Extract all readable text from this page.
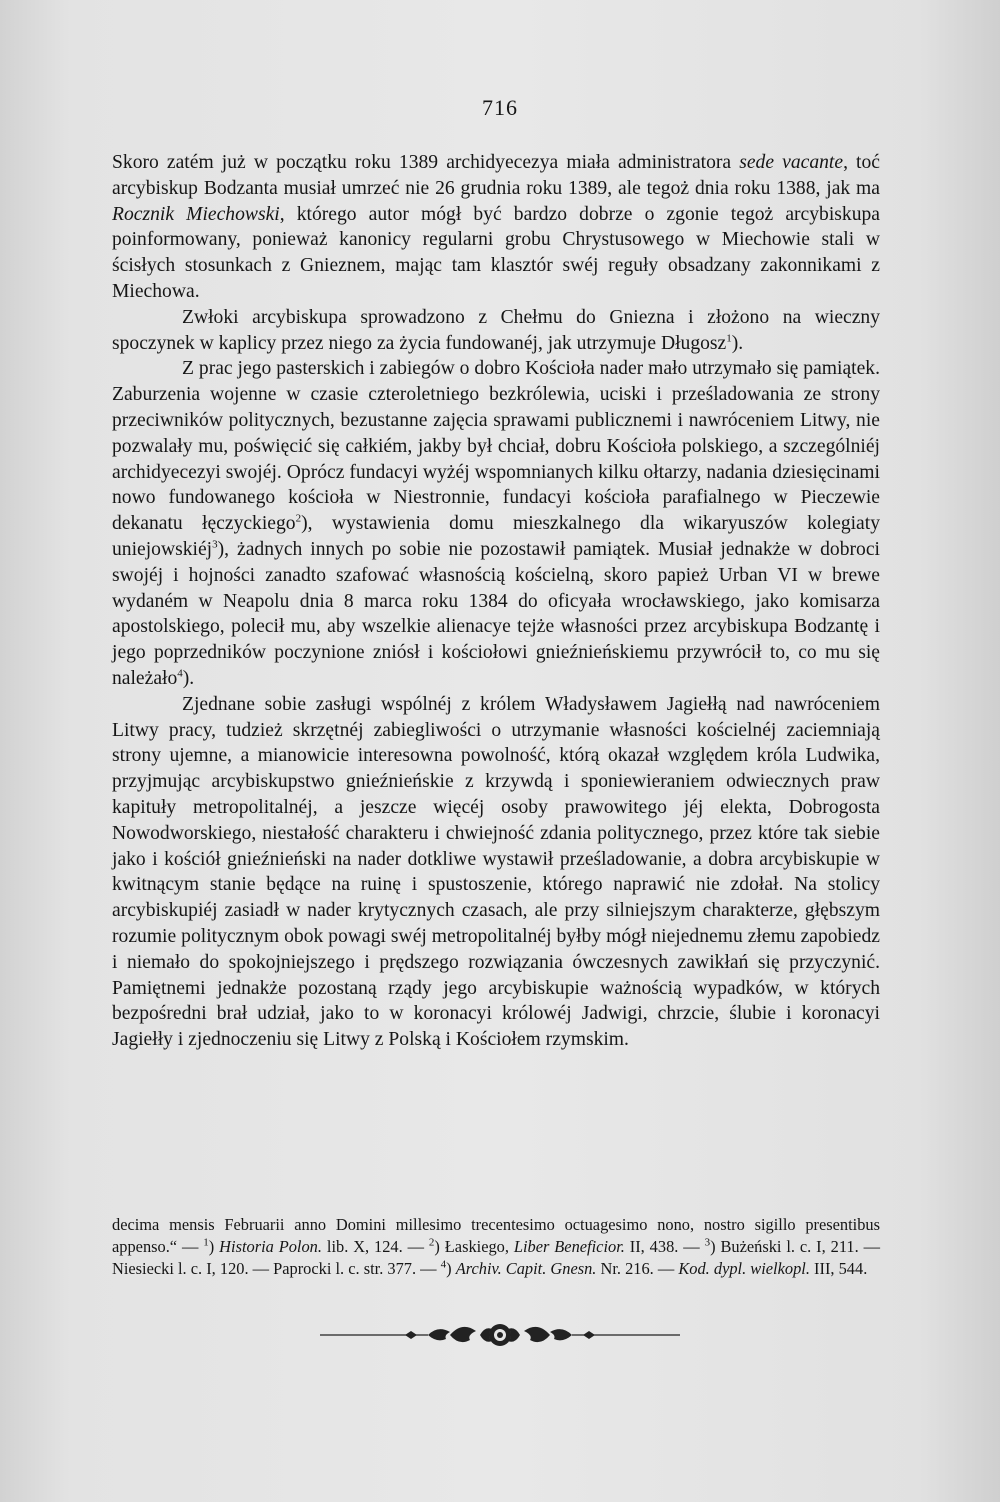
716

Skoro zatém już w początku roku 1389 archidyecezya miała administratora sede vacante, toć arcybiskup Bodzanta musiał umrzeć nie 26 grudnia roku 1389, ale tegoż dnia roku 1388, jak ma Rocznik Miechowski, którego autor mógł być bardzo dobrze o zgonie tegoż arcybiskupa poinformowany, ponieważ kanonicy regularni grobu Chrystusowego w Miechowie stali w ścisłych stosunkach z Gnieznem, mając tam klasztór swéj reguły obsadzany zakonnikami z Miechowa.

Zwłoki arcybiskupa sprowadzono z Chełmu do Gniezna i złożono na wieczny spoczynek w kaplicy przez niego za życia fundowanéj, jak utrzymuje Długosz$^1$).

Z prac jego pasterskich i zabiegów o dobro Kościoła nader mało utrzymało się pamiątek. Zaburzenia wojenne w czasie czteroletniego bezkrólewia, uciski i prześladowania ze strony przeciwników politycznych, bezustanne zajęcia sprawami publicznemi i nawróceniem Litwy, nie pozwalały mu, poświęcić się całkiém, jakby był chciał, dobru Kościoła polskiego, a szczególniéj archidyecezyi swojéj. Oprócz fundacyi wyżéj wspomnianych kilku ołtarzy, nadania dziesięcinami nowo fundowanego kościoła w Niestronnie, fundacyi kościoła parafialnego w Pieczewie dekanatu łęczyckiego$^2$), wystawienia domu mieszkalnego dla wikaryuszów kolegiaty uniejowskiéj$^3$), żadnych innych po sobie nie pozostawił pamiątek. Musiał jednakże w dobroci swojéj i hojności zanadto szafować własnością kościelną, skoro papież Urban VI w brewe wydaném w Neapolu dnia 8 marca roku 1384 do oficyała wrocławskiego, jako komisarza apostolskiego, polecił mu, aby wszelkie alienacye tejże własności przez arcybiskupa Bodzantę i jego poprzedników poczynione zniósł i kościołowi gnieźnieńskiemu przywrócił to, co mu się należało$^4$).

Zjednane sobie zasługi wspólnéj z królem Władysławem Jagiełłą nad nawróceniem Litwy pracy, tudzież skrzętnéj zabiegliwości o utrzymanie własności kościelnéj zaciemniają strony ujemne, a mianowicie interesowna powolność, którą okazał względem króla Ludwika, przyjmując arcybiskupstwo gnieźnieńskie z krzywdą i sponiewieraniem odwiecznych praw kapituły metropolitalnéj, a jeszcze więcéj osoby prawowitego jéj elekta, Dobrogosta Nowodworskiego, niestałość charakteru i chwiejność zdania politycznego, przez które tak siebie jako i kościół gnieźnieński na nader dotkliwe wystawił prześladowanie, a dobra arcybiskupie w kwitnącym stanie będące na ruinę i spustoszenie, którego naprawić nie zdołał. Na stolicy arcybiskupiéj zasiadł w nader krytycznych czasach, ale przy silniejszym charakterze, głębszym rozumie politycznym obok powagi swéj metropolitalnéj byłby mógł niejednemu złemu zapobiedz i niemało do spokojniejszego i prędszego rozwiązania ówczesnych zawikłań się przyczynić. Pamiętnemi jednakże pozostaną rządy jego arcybiskupie ważnością wypadków, w których bezpośredni brał udział, jako to w koronacyi królowéj Jadwigi, chrzcie, ślubie i koronacyi Jagiełły i zjednoczeniu się Litwy z Polską i Kościołem rzymskim.

decima mensis Februarii anno Domini millesimo trecentesimo octuagesimo nono, nostro sigillo presentibus appenso.“ — $^1$) Historia Polon. lib. X, 124. — $^2$) Łaskiego, Liber Beneficior. II, 438. — $^3$) Bużeński l. c. I, 211. — Niesiecki l. c. I, 120. — Paprocki l. c. str. 377. — $^4$) Archiv. Capit. Gnesn. Nr. 216. — Kod. dypl. wielkopl. III, 544.
